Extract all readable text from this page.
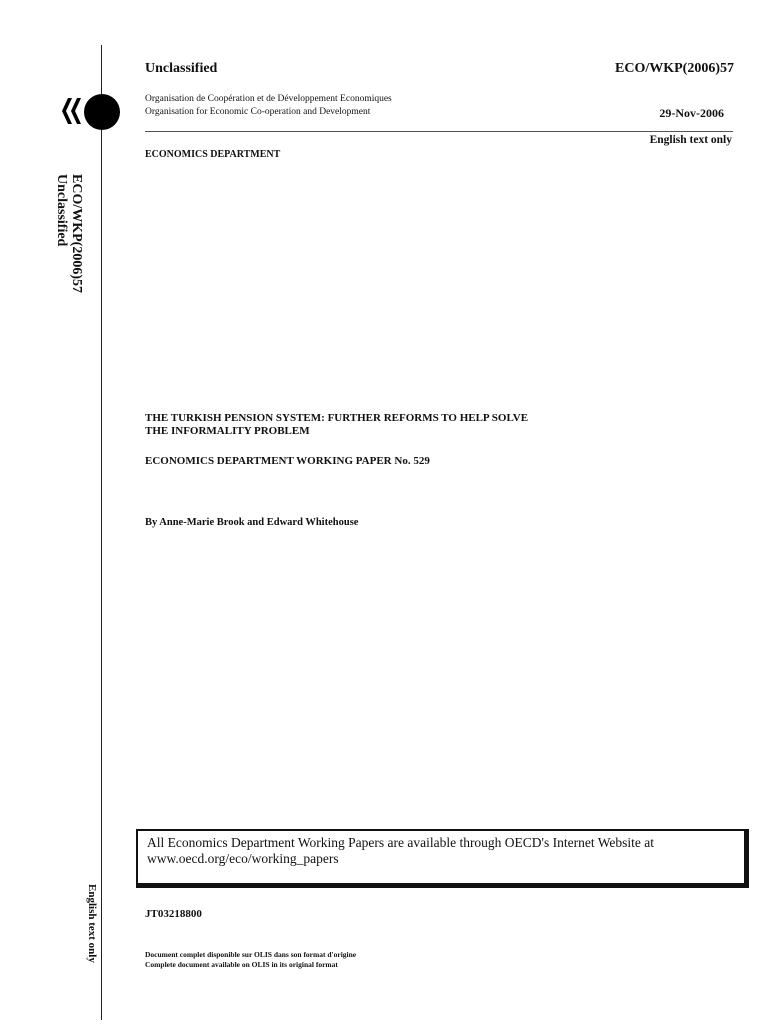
ECO/WKP(2006)57
Unclassified
English text only
Unclassified	ECO/WKP(2006)57
Organisation de Coopération et de Développement Economiques
Organisation for Economic Co-operation and Development	29-Nov-2006
English text only
ECONOMICS DEPARTMENT
THE TURKISH PENSION SYSTEM: FURTHER REFORMS TO HELP SOLVE
THE INFORMALITY PROBLEM
ECONOMICS DEPARTMENT WORKING PAPER No. 529
By Anne-Marie Brook and Edward Whitehouse
All Economics Department Working Papers are available through OECD's Internet Website at
www.oecd.org/eco/working_papers
JT03218800
Document complet disponible sur OLIS dans son format d'origine
Complete document available on OLIS in its original format
